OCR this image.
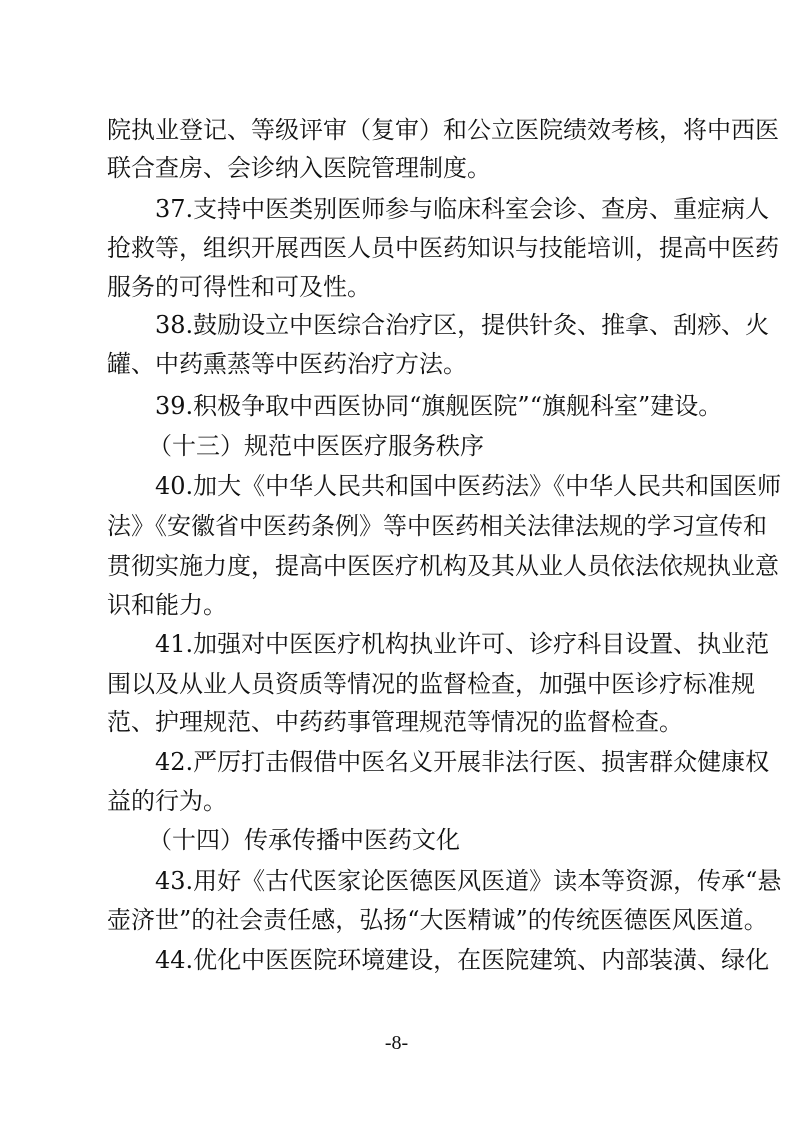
院执业登记、等级评审（复审）和公立医院绩效考核，将中西医
联合查房、会诊纳入医院管理制度。
37.支持中医类别医师参与临床科室会诊、查房、重症病人
抢救等，组织开展西医人员中医药知识与技能培训，提高中医药
服务的可得性和可及性。
38.鼓励设立中医综合治疗区，提供针灸、推拿、刮痧、火
罐、中药熏蒸等中医药治疗方法。
39.积极争取中西医协同“旗舰医院”“旗舰科室”建设。
（十三）规范中医医疗服务秩序
40.加大《中华人民共和国中医药法》《中华人民共和国医师
法》《安徽省中医药条例》等中医药相关法律法规的学习宣传和
贯彻实施力度，提高中医医疗机构及其从业人员依法依规执业意
识和能力。
41.加强对中医医疗机构执业许可、诊疗科目设置、执业范
围以及从业人员资质等情况的监督检查，加强中医诊疗标准规
范、护理规范、中药药事管理规范等情况的监督检查。
42.严厉打击假借中医名义开展非法行医、损害群众健康权
益的行为。
（十四）传承传播中医药文化
43.用好《古代医家论医德医风医道》读本等资源，传承“悬
壶济世”的社会责任感，弘扬“大医精诚”的传统医德医风医道。
44.优化中医医院环境建设，在医院建筑、内部装潢、绿化
-8-
